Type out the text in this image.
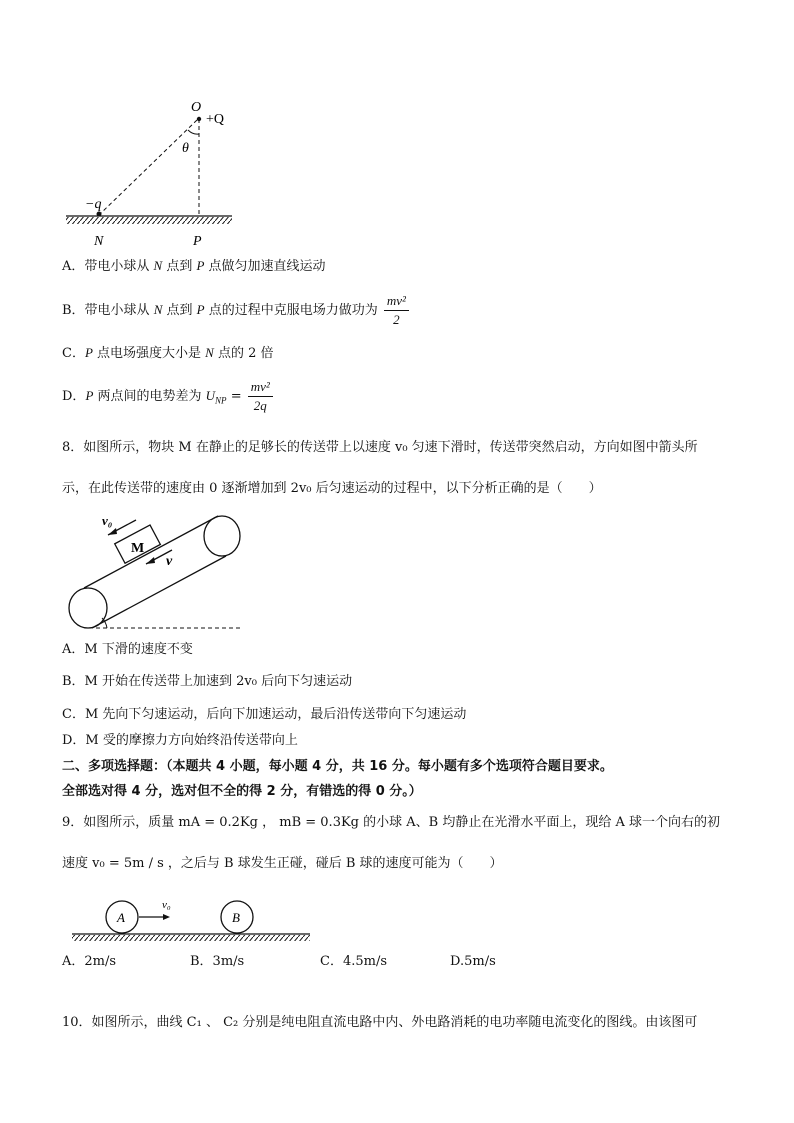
O
+Q
θ
−q
N	P
A．带电小球从 N 点到 P 点做匀加速直线运动
B．带电小球从 N 点到 P 点的过程中克服电场力做功为 $\frac{\text{mv²}}{2}$
C．P 点电场强度大小是 N 点的 2 倍
D．P 两点间的电势差为 $U_{NP} = \frac{\text{mv²}}{2q}$
8．如图所示，物块 M 在静止的足够长的传送带上以速度 v₀ 匀速下滑时，传送带突然启动，方向如图中箭头所
示，在此传送带的速度由 0 逐渐增加到 2v₀ 后匀速运动的过程中，以下分析正确的是（　　）
M
v₀
v
A．M 下滑的速度不变
B．M 开始在传送带上加速到 2v₀ 后向下匀速运动
C．M 先向下匀速运动，后向下加速运动，最后沿传送带向下匀速运动
D．M 受的摩擦力方向始终沿传送带向上
二、多项选择题：（本题共 4 小题，每小题 4 分，共 16 分。每小题有多个选项符合题目要求。
全部选对得 4 分，选对但不全的得 2 分，有错选的得 0 分。）
9．如图所示，质量 mA = 0.2Kg ， mB = 0.3Kg 的小球 A、B 均静止在光滑水平面上，现给 A 球一个向右的初
速度 v₀ = 5m / s ，之后与 B 球发生正碰，碰后 B 球的速度可能为（　　）
A	B
v₀
A．2m/s	B．3m/s	C．4.5m/s	D.5m/s
10．如图所示，曲线 C₁ 、 C₂ 分别是纯电阻直流电路中内、外电路消耗的电功率随电流变化的图线。由该图可
